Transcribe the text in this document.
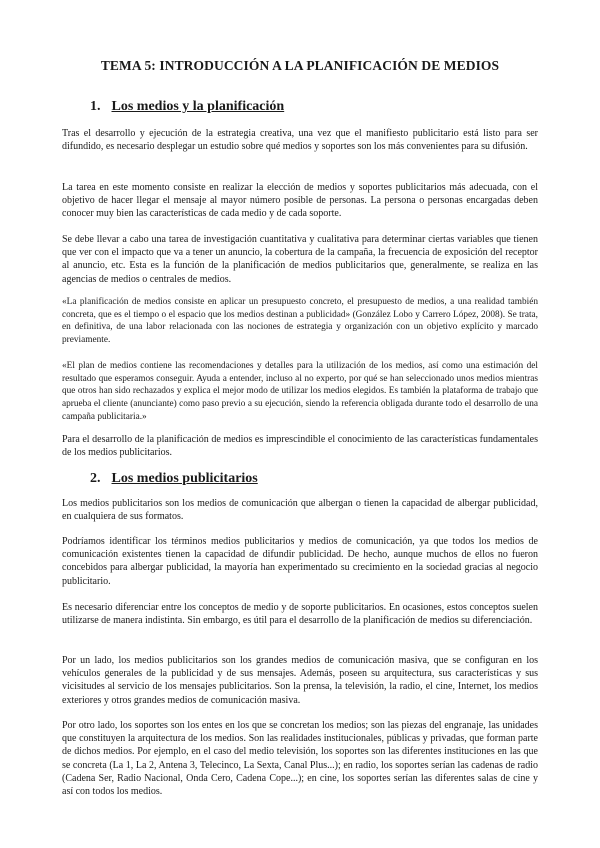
TEMA 5: INTRODUCCIÓN A LA PLANIFICACIÓN DE MEDIOS
1. Los medios y la planificación

Tras el desarrollo y ejecución de la estrategia creativa, una vez que el manifiesto publicitario está listo para ser difundido, es necesario desplegar un estudio sobre qué medios y soportes son los más convenientes para su difusión.

La tarea en este momento consiste en realizar la elección de medios y soportes publicitarios más adecuada, con el objetivo de hacer llegar el mensaje al mayor número posible de personas. La persona o personas encargadas deben conocer muy bien las características de cada medio y de cada soporte.

Se debe llevar a cabo una tarea de investigación cuantitativa y cualitativa para determinar ciertas variables que tienen que ver con el impacto que va a tener un anuncio, la cobertura de la campaña, la frecuencia de exposición del receptor al anuncio, etc. Esta es la función de la planificación de medios publicitarios que, generalmente, se realiza en las agencias de medios o centrales de medios.

«La planificación de medios consiste en aplicar un presupuesto concreto, el presupuesto de medios, a una realidad también concreta, que es el tiempo o el espacio que los medios destinan a publicidad» (González Lobo y Carrero López, 2008). Se trata, en definitiva, de una labor relacionada con las nociones de estrategia y organización con un objetivo explícito y marcado previamente.

«El plan de medios contiene las recomendaciones y detalles para la utilización de los medios, así como una estimación del resultado que esperamos conseguir. Ayuda a entender, incluso al no experto, por qué se han seleccionado unos medios mientras que otros han sido rechazados y explica el mejor modo de utilizar los medios elegidos. Es también la plataforma de trabajo que aprueba el cliente (anunciante) como paso previo a su ejecución, siendo la referencia obligada durante todo el desarrollo de una campaña publicitaria.»

Para el desarrollo de la planificación de medios es imprescindible el conocimiento de las características fundamentales de los medios publicitarios.

2. Los medios publicitarios

Los medios publicitarios son los medios de comunicación que albergan o tienen la capacidad de albergar publicidad, en cualquiera de sus formatos.

Podríamos identificar los términos medios publicitarios y medios de comunicación, ya que todos los medios de comunicación existentes tienen la capacidad de difundir publicidad. De hecho, aunque muchos de ellos no fueron concebidos para albergar publicidad, la mayoría han experimentado su crecimiento en la sociedad gracias al negocio publicitario.

Es necesario diferenciar entre los conceptos de medio y de soporte publicitarios. En ocasiones, estos conceptos suelen utilizarse de manera indistinta. Sin embargo, es útil para el desarrollo de la planificación de medios su diferenciación.

Por un lado, los medios publicitarios son los grandes medios de comunicación masiva, que se configuran en los vehículos generales de la publicidad y de sus mensajes. Además, poseen su arquitectura, sus características y sus vicisitudes al servicio de los mensajes publicitarios. Son la prensa, la televisión, la radio, el cine, Internet, los medios exteriores y otros grandes medios de comunicación masiva.

Por otro lado, los soportes son los entes en los que se concretan los medios; son las piezas del engranaje, las unidades que constituyen la arquitectura de los medios. Son las realidades institucionales, públicas y privadas, que forman parte de dichos medios. Por ejemplo, en el caso del medio televisión, los soportes son las diferentes instituciones en las que se concreta (La 1, La 2, Antena 3, Telecinco, La Sexta, Canal Plus...); en radio, los soportes serían las cadenas de radio (Cadena Ser, Radio Nacional, Onda Cero, Cadena Cope...); en cine, los soportes serían las diferentes salas de cine y así con todos los medios.
